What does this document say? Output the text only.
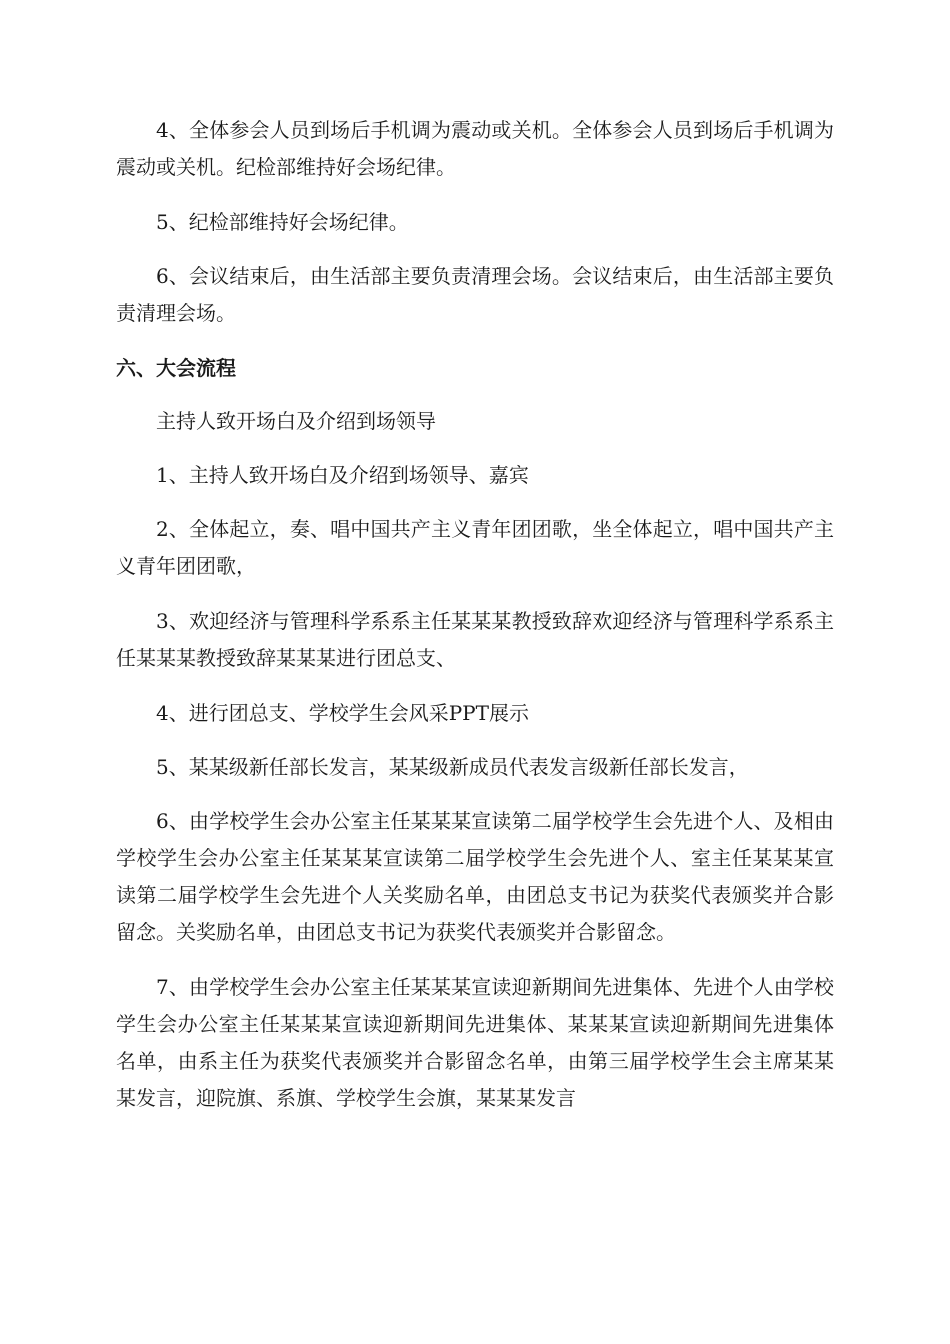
4、全体参会人员到场后手机调为震动或关机。全体参会人员到场后手机调为震动或关机。纪检部维持好会场纪律。

5、纪检部维持好会场纪律。

6、会议结束后，由生活部主要负责清理会场。会议结束后，由生活部主要负责清理会场。

六、大会流程

主持人致开场白及介绍到场领导

1、主持人致开场白及介绍到场领导、嘉宾

2、全体起立，奏、唱中国共产主义青年团团歌，坐全体起立，唱中国共产主义青年团团歌，

3、欢迎经济与管理科学系系主任某某某教授致辞欢迎经济与管理科学系系主任某某某教授致辞某某某进行团总支、

4、进行团总支、学校学生会风采PPT展示

5、某某级新任部长发言，某某级新成员代表发言级新任部长发言，

6、由学校学生会办公室主任某某某宣读第二届学校学生会先进个人、及相由学校学生会办公室主任某某某宣读第二届学校学生会先进个人、室主任某某某宣读第二届学校学生会先进个人关奖励名单，由团总支书记为获奖代表颁奖并合影留念。关奖励名单，由团总支书记为获奖代表颁奖并合影留念。

7、由学校学生会办公室主任某某某宣读迎新期间先进集体、先进个人由学校学生会办公室主任某某某宣读迎新期间先进集体、某某某宣读迎新期间先进集体名单，由系主任为获奖代表颁奖并合影留念名单，由第三届学校学生会主席某某某发言，迎院旗、系旗、学校学生会旗，某某某发言
